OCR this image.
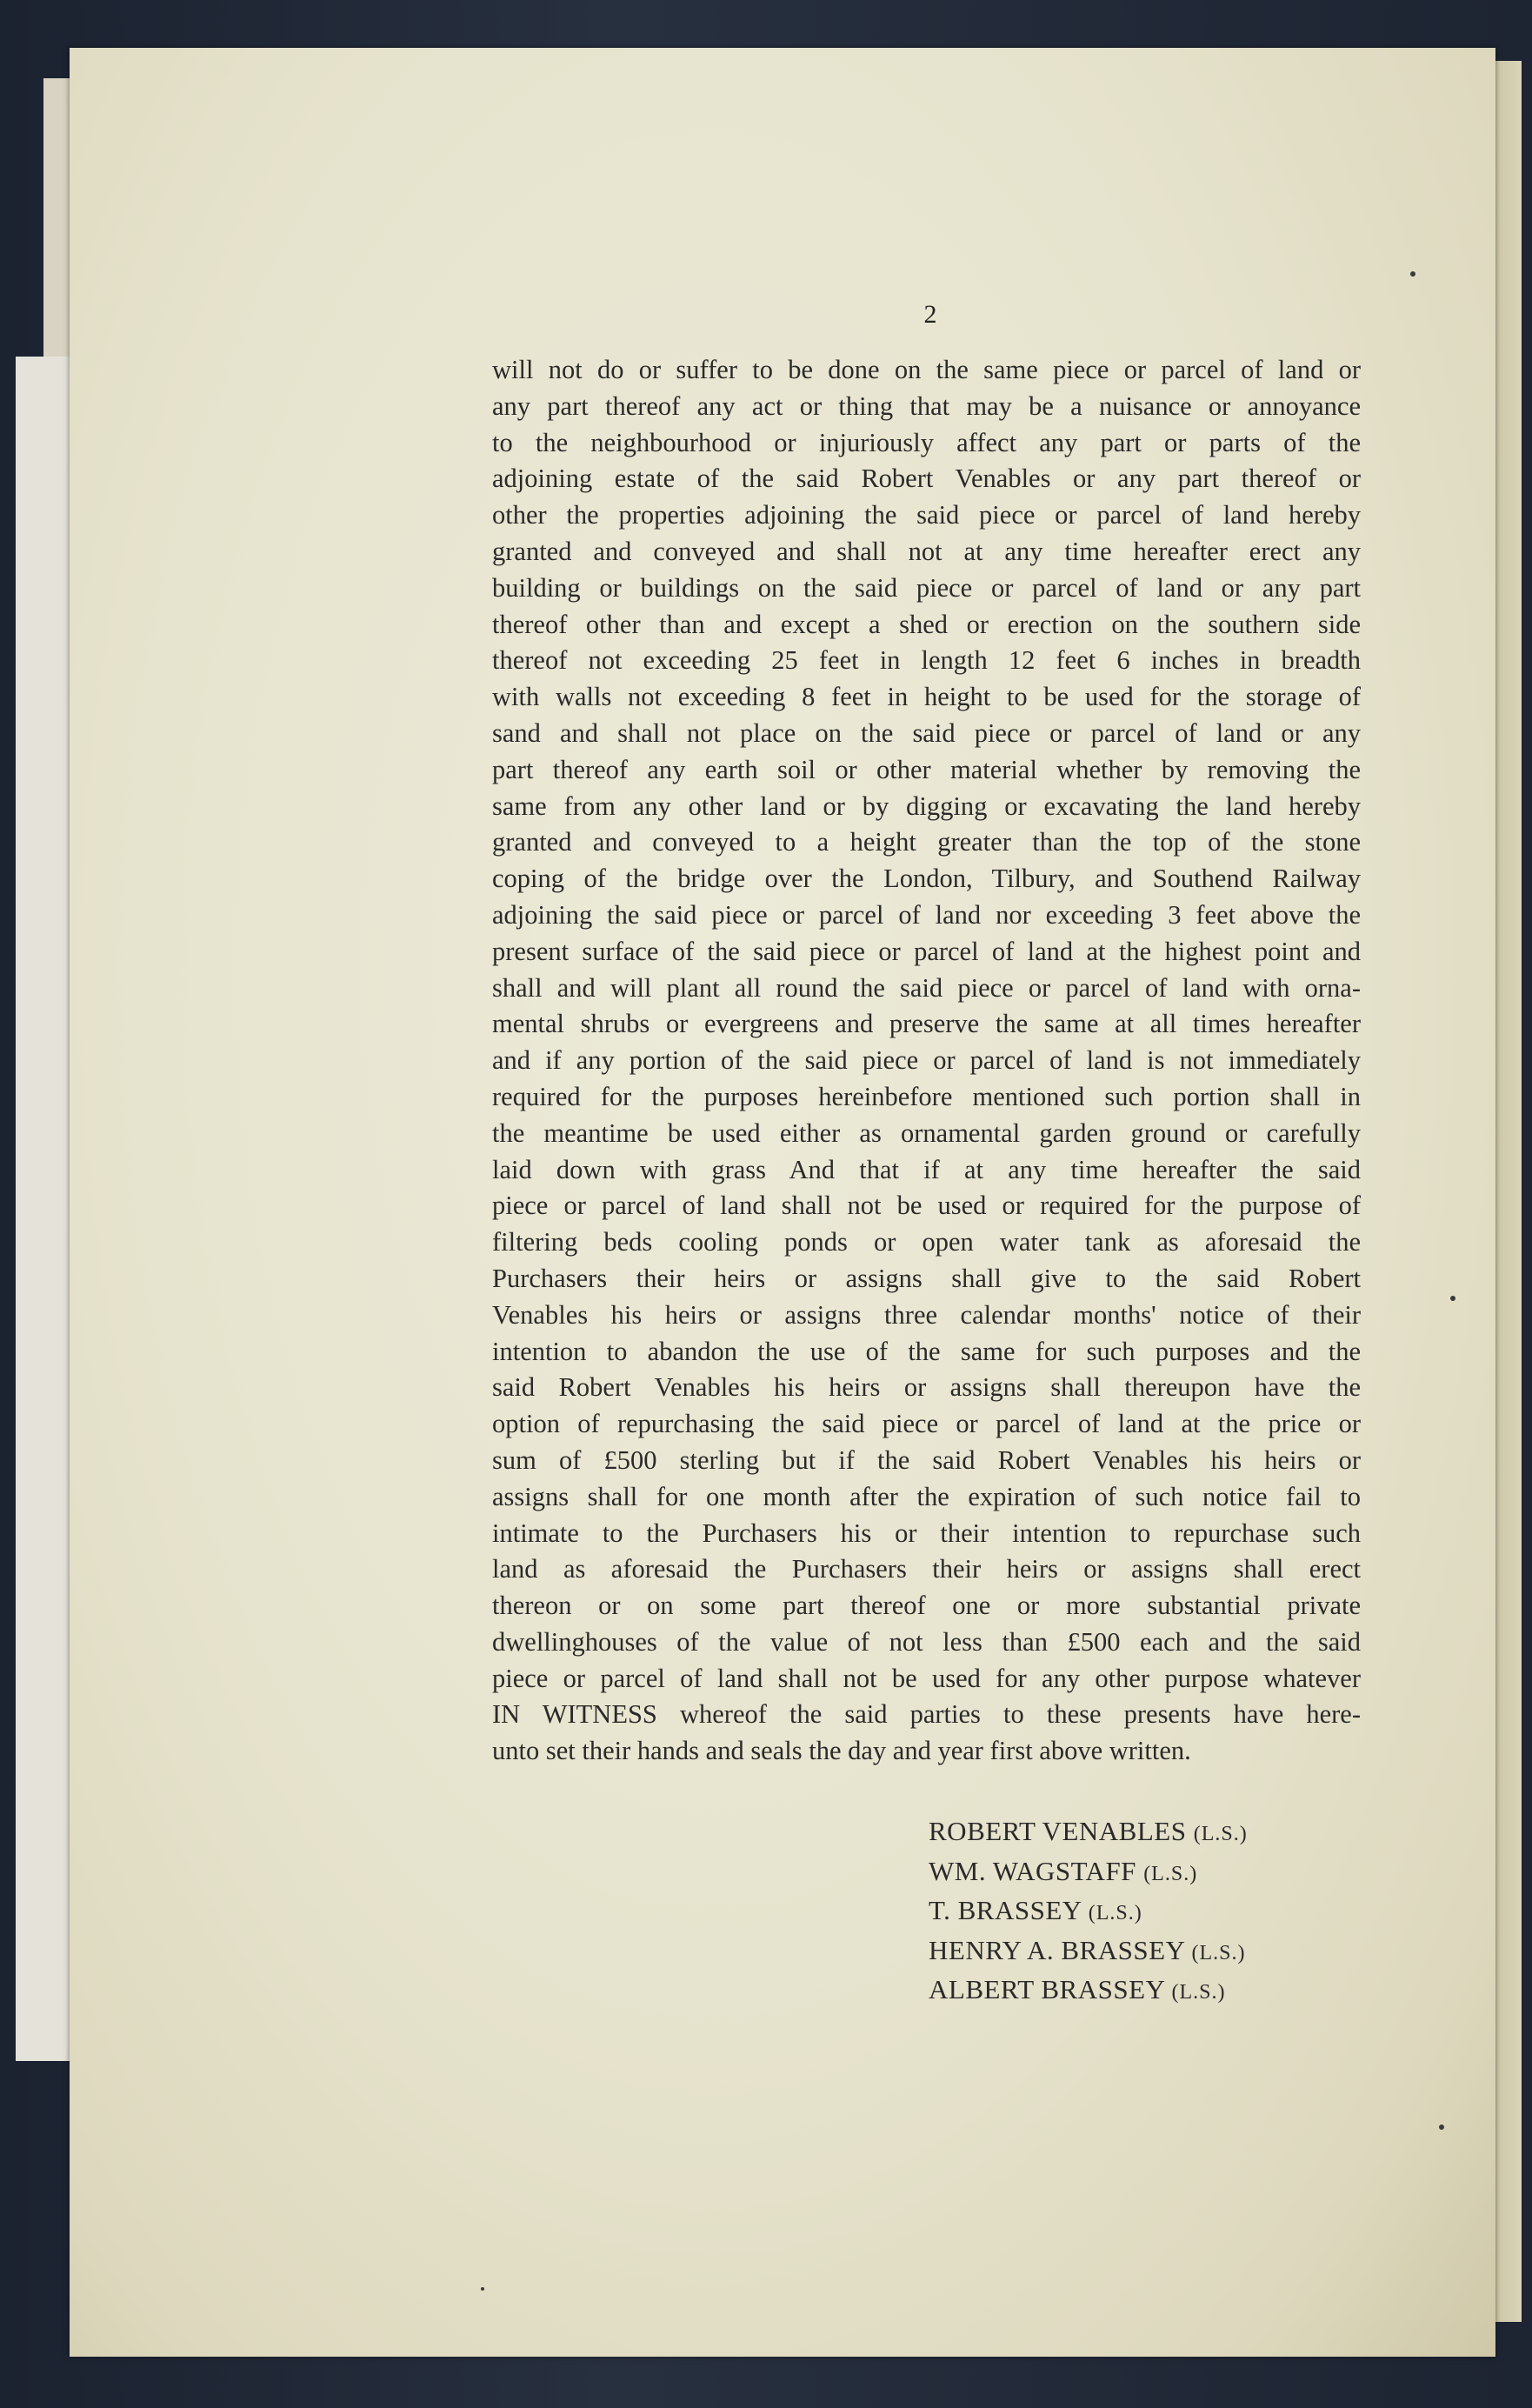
2
will not do or suffer to be done on the same piece or parcel of land or
any part thereof any act or thing that may be a nuisance or annoyance
to the neighbourhood or injuriously affect any part or parts of the
adjoining estate of the said Robert Venables or any part thereof or
other the properties adjoining the said piece or parcel of land hereby
granted and conveyed and shall not at any time hereafter erect any
building or buildings on the said piece or parcel of land or any part
thereof other than and except a shed or erection on the southern side
thereof not exceeding 25 feet in length 12 feet 6 inches in breadth
with walls not exceeding 8 feet in height to be used for the storage of
sand and shall not place on the said piece or parcel of land or any
part thereof any earth soil or other material whether by removing the
same from any other land or by digging or excavating the land hereby
granted and conveyed to a height greater than the top of the stone
coping of the bridge over the London, Tilbury, and Southend Railway
adjoining the said piece or parcel of land nor exceeding 3 feet above the
present surface of the said piece or parcel of land at the highest point and
shall and will plant all round the said piece or parcel of land with orna-
mental shrubs or evergreens and preserve the same at all times hereafter
and if any portion of the said piece or parcel of land is not immediately
required for the purposes hereinbefore mentioned such portion shall in
the meantime be used either as ornamental garden ground or carefully
laid down with grass And that if at any time hereafter the said
piece or parcel of land shall not be used or required for the purpose of
filtering beds cooling ponds or open water tank as aforesaid the
Purchasers their heirs or assigns shall give to the said Robert
Venables his heirs or assigns three calendar months' notice of their
intention to abandon the use of the same for such purposes and the
said Robert Venables his heirs or assigns shall thereupon have the
option of repurchasing the said piece or parcel of land at the price or
sum of £500 sterling but if the said Robert Venables his heirs or
assigns shall for one month after the expiration of such notice fail to
intimate to the Purchasers his or their intention to repurchase such
land as aforesaid the Purchasers their heirs or assigns shall erect
thereon or on some part thereof one or more substantial private
dwellinghouses of the value of not less than £500 each and the said
piece or parcel of land shall not be used for any other purpose whatever
IN WITNESS whereof the said parties to these presents have here-
unto set their hands and seals the day and year first above written.
ROBERT VENABLES (L.S.)
WM. WAGSTAFF (L.S.)
T. BRASSEY (L.S.)
HENRY A. BRASSEY (L.S.)
ALBERT BRASSEY (L.S.)
